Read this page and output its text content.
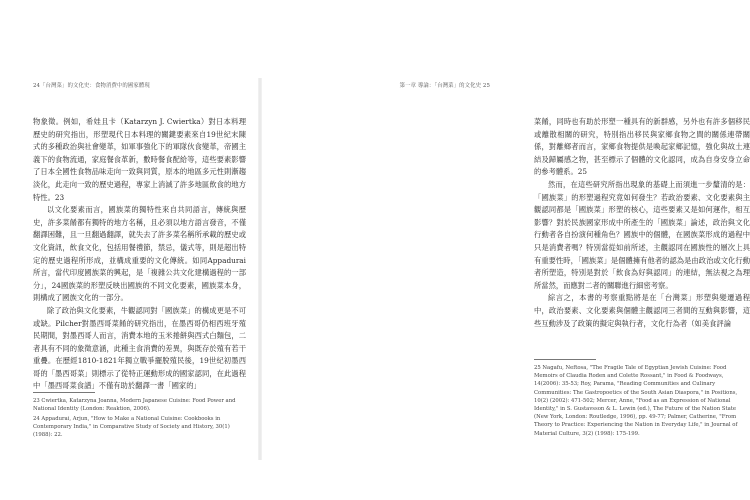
24「台灣菜」的文化史：食物消費中的國家體現

物象徵。例如，希娃且卡（Katarzyn J. Cwiertka）對日本料理歷史的研究指出，形塑現代日本料理的關鍵要素來自19世紀末陳式的多種政治與社會變革，如軍事強化下的軍隊伙食變革，帝國主義下的食物流通，家庭餐食革新，數時餐食配給等，這些要素影響了日本全國性食物品味走向一致與同質，原本的地區多元性則漸趨淡化，此走向一致的歷史過程，專家上消滅了許多地區飲食的地方特性。23

以文化要素而言，國族菜的獨特性來自共同語言，傳統與歷史，許多菜餚都有獨特的地方名稱，且必須以地方語言發音，不僅翻譯困難，且一旦翻過翻譯，就失去了許多菜名稱所承載的歷史或文化資訊，飲食文化，包括用餐禮節，禁忌，儀式等，則是超出特定的歷史過程所形成，並構成重要的文化傳統。如同Appadurai所言，當代印度國族菜的興起，是「複雜公共文化建構過程的一部分」，24國族菜的形塑反映出國族的不同文化要素，國族菜本身，則構成了國族文化的一部分。

除了政治與文化要素，牛觀認同對「國族菜」的構成更是不可或缺。Pilcher對墨西哥菜餚的研究指出，在墨西哥仍相西班牙殖民期間，對墨西哥人而言，消費本地的玉米捲餅與西式白麵包，二者具有不同的象徵意涵，此種主食消費的差異，與既存於殖有若干重疊。在歷經1810-1821年獨立戰爭擺脫殖民後，19世紀初墨西哥的「墨西哥菜」則標示了從特正運動形成的國家認同，在此過程中「墨西哥菜食譜」不僅有助於翻譯一書「國家的」

23 Cwiertka, Katarzyna Joanna, Modern Japanese Cuisine: Food Power and National Identity (London: Reaktion, 2006).
24 Appadurai, Arjun, "How to Make a National Cuisine: Cookbooks in Contemporary India," in Comparative Study of Society and History, 30(1) (1988): 22.
第一章 導論：「台灣菜」的文化史 25

菜餚，同時也有助於形塑一種具有的新群感，另外也有許多個移民或離散相關的研究，特別指出移民與家鄉食物之間的關係連帶關係，對離鄉者而言，家鄉食物提供是喚起家鄉記憶，強化與故土連結及歸屬感之物，甚至標示了個體的文化認同，成為自身安身立命的參考體系。25

然而，在這些研究所指出現象的基礎上而須進一步釐清的是：「國族菜」的形塑過程究竟如何發生？若政治要素、文化要素與主觀認同都是「國族菜」形塑的核心，這些要素又是如何運作，相互影響？對於民族國家形成中所產生的「國族菜」論述，政治與文化行動者各自扮演何種角色？國族中的個體，在國族菜形成的過程中只是消費者嗎？特別當從如前所述，主觀認同在國族性的層次上具有重要性時，「國族菜」是個體擁有他者的認為是由政治或文化行動者所塑造，特別是對於「飲食為好與認同」的連結，無法視之為理所當然，而應對二者的關聯進行細密考察。

綜言之，本書的考察重點將是在「台灣菜」形塑與變遷過程中，政治要素、文化要素與個體主觀認同三者間的互動與影響，這些互動涉及了政策的擬定與執行者，文化行為者（如美食評論

25 Nagafu, Neftosa, "The Fragile Tale of Egyptian Jewish Cuisine: Food Memoirs of Claudia Roden and Colette Rossant," in Food & Foodways, 14(2006): 35-53; Roy, Parama, "Reading Communities and Culinary Communities: The Gastropoetics of the South Asian Diaspora," in Positions, 10(2) (2002): 471-502; Mercer, Anne, "Food as an Expression of National Identity," in S. Gustavsson & L. Lewin (ed.), The Future of the Nation State (New York, London: Routledge, 1996), pp. 49-77; Palmer, Catherine, "From Theory to Practice: Experiencing the Nation in Everyday Life," in Journal of Material Culture, 3(2) (1998): 175-199.
